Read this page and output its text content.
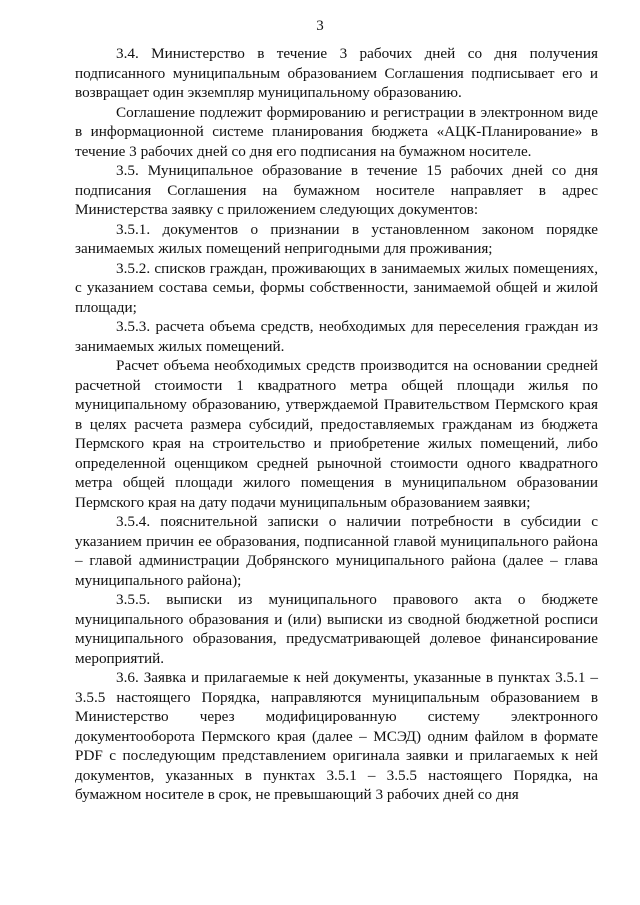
3

3.4. Министерство в течение 3 рабочих дней со дня получения подписанного муниципальным образованием Соглашения подписывает его и возвращает один экземпляр муниципальному образованию.

Соглашение подлежит формированию и регистрации в электронном виде в информационной системе планирования бюджета «АЦК-Планирование» в течение 3 рабочих дней со дня его подписания на бумажном носителе.

3.5. Муниципальное образование в течение 15 рабочих дней со дня подписания Соглашения на бумажном носителе направляет в адрес Министерства заявку с приложением следующих документов:

3.5.1. документов о признании в установленном законом порядке занимаемых жилых помещений непригодными для проживания;

3.5.2. списков граждан, проживающих в занимаемых жилых помещениях, с указанием состава семьи, формы собственности, занимаемой общей и жилой площади;

3.5.3. расчета объема средств, необходимых для переселения граждан из занимаемых жилых помещений.

Расчет объема необходимых средств производится на основании средней расчетной стоимости 1 квадратного метра общей площади жилья по муниципальному образованию, утверждаемой Правительством Пермского края в целях расчета размера субсидий, предоставляемых гражданам из бюджета Пермского края на строительство и приобретение жилых помещений, либо определенной оценщиком средней рыночной стоимости одного квадратного метра общей площади жилого помещения в муниципальном образовании Пермского края на дату подачи муниципальным образованием заявки;

3.5.4. пояснительной записки о наличии потребности в субсидии с указанием причин ее образования, подписанной главой муниципального района – главой администрации Добрянского муниципального района (далее – глава муниципального района);

3.5.5. выписки из муниципального правового акта о бюджете муниципального образования и (или) выписки из сводной бюджетной росписи муниципального образования, предусматривающей долевое финансирование мероприятий.

3.6. Заявка и прилагаемые к ней документы, указанные в пунктах 3.5.1 – 3.5.5 настоящего Порядка, направляются муниципальным образованием в Министерство через модифицированную систему электронного документооборота Пермского края (далее – МСЭД) одним файлом в формате PDF с последующим представлением оригинала заявки и прилагаемых к ней документов, указанных в пунктах 3.5.1 – 3.5.5 настоящего Порядка, на бумажном носителе в срок, не превышающий 3 рабочих дней со дня
